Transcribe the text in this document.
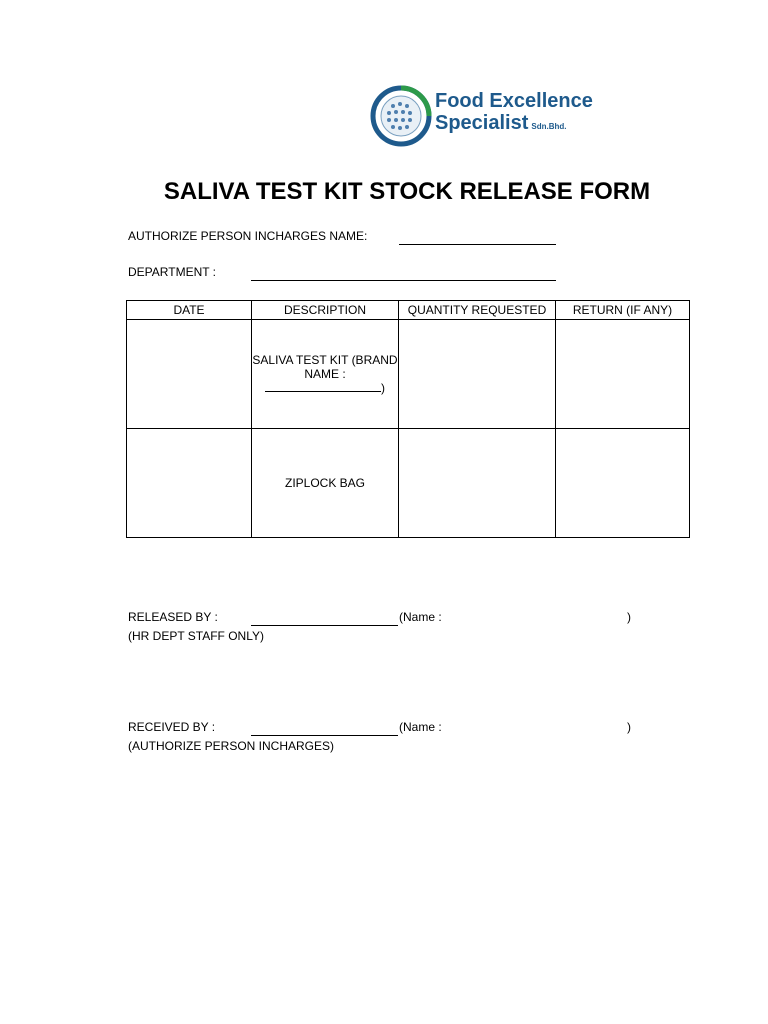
Food Excellence
Specialist Sdn.Bhd.
SALIVA TEST KIT STOCK RELEASE FORM
AUTHORIZE PERSON INCHARGES NAME:
DEPARTMENT :
DATE	DESCRIPTION	QUANTITY REQUESTED	RETURN (IF ANY)

	SALIVA TEST KIT (BRAND
NAME :
)		

	ZIPLOCK BAG		
RELEASED BY :	(Name :	)
(HR DEPT STAFF ONLY)
RECEIVED BY :	(Name :	)
(AUTHORIZE PERSON INCHARGES)
